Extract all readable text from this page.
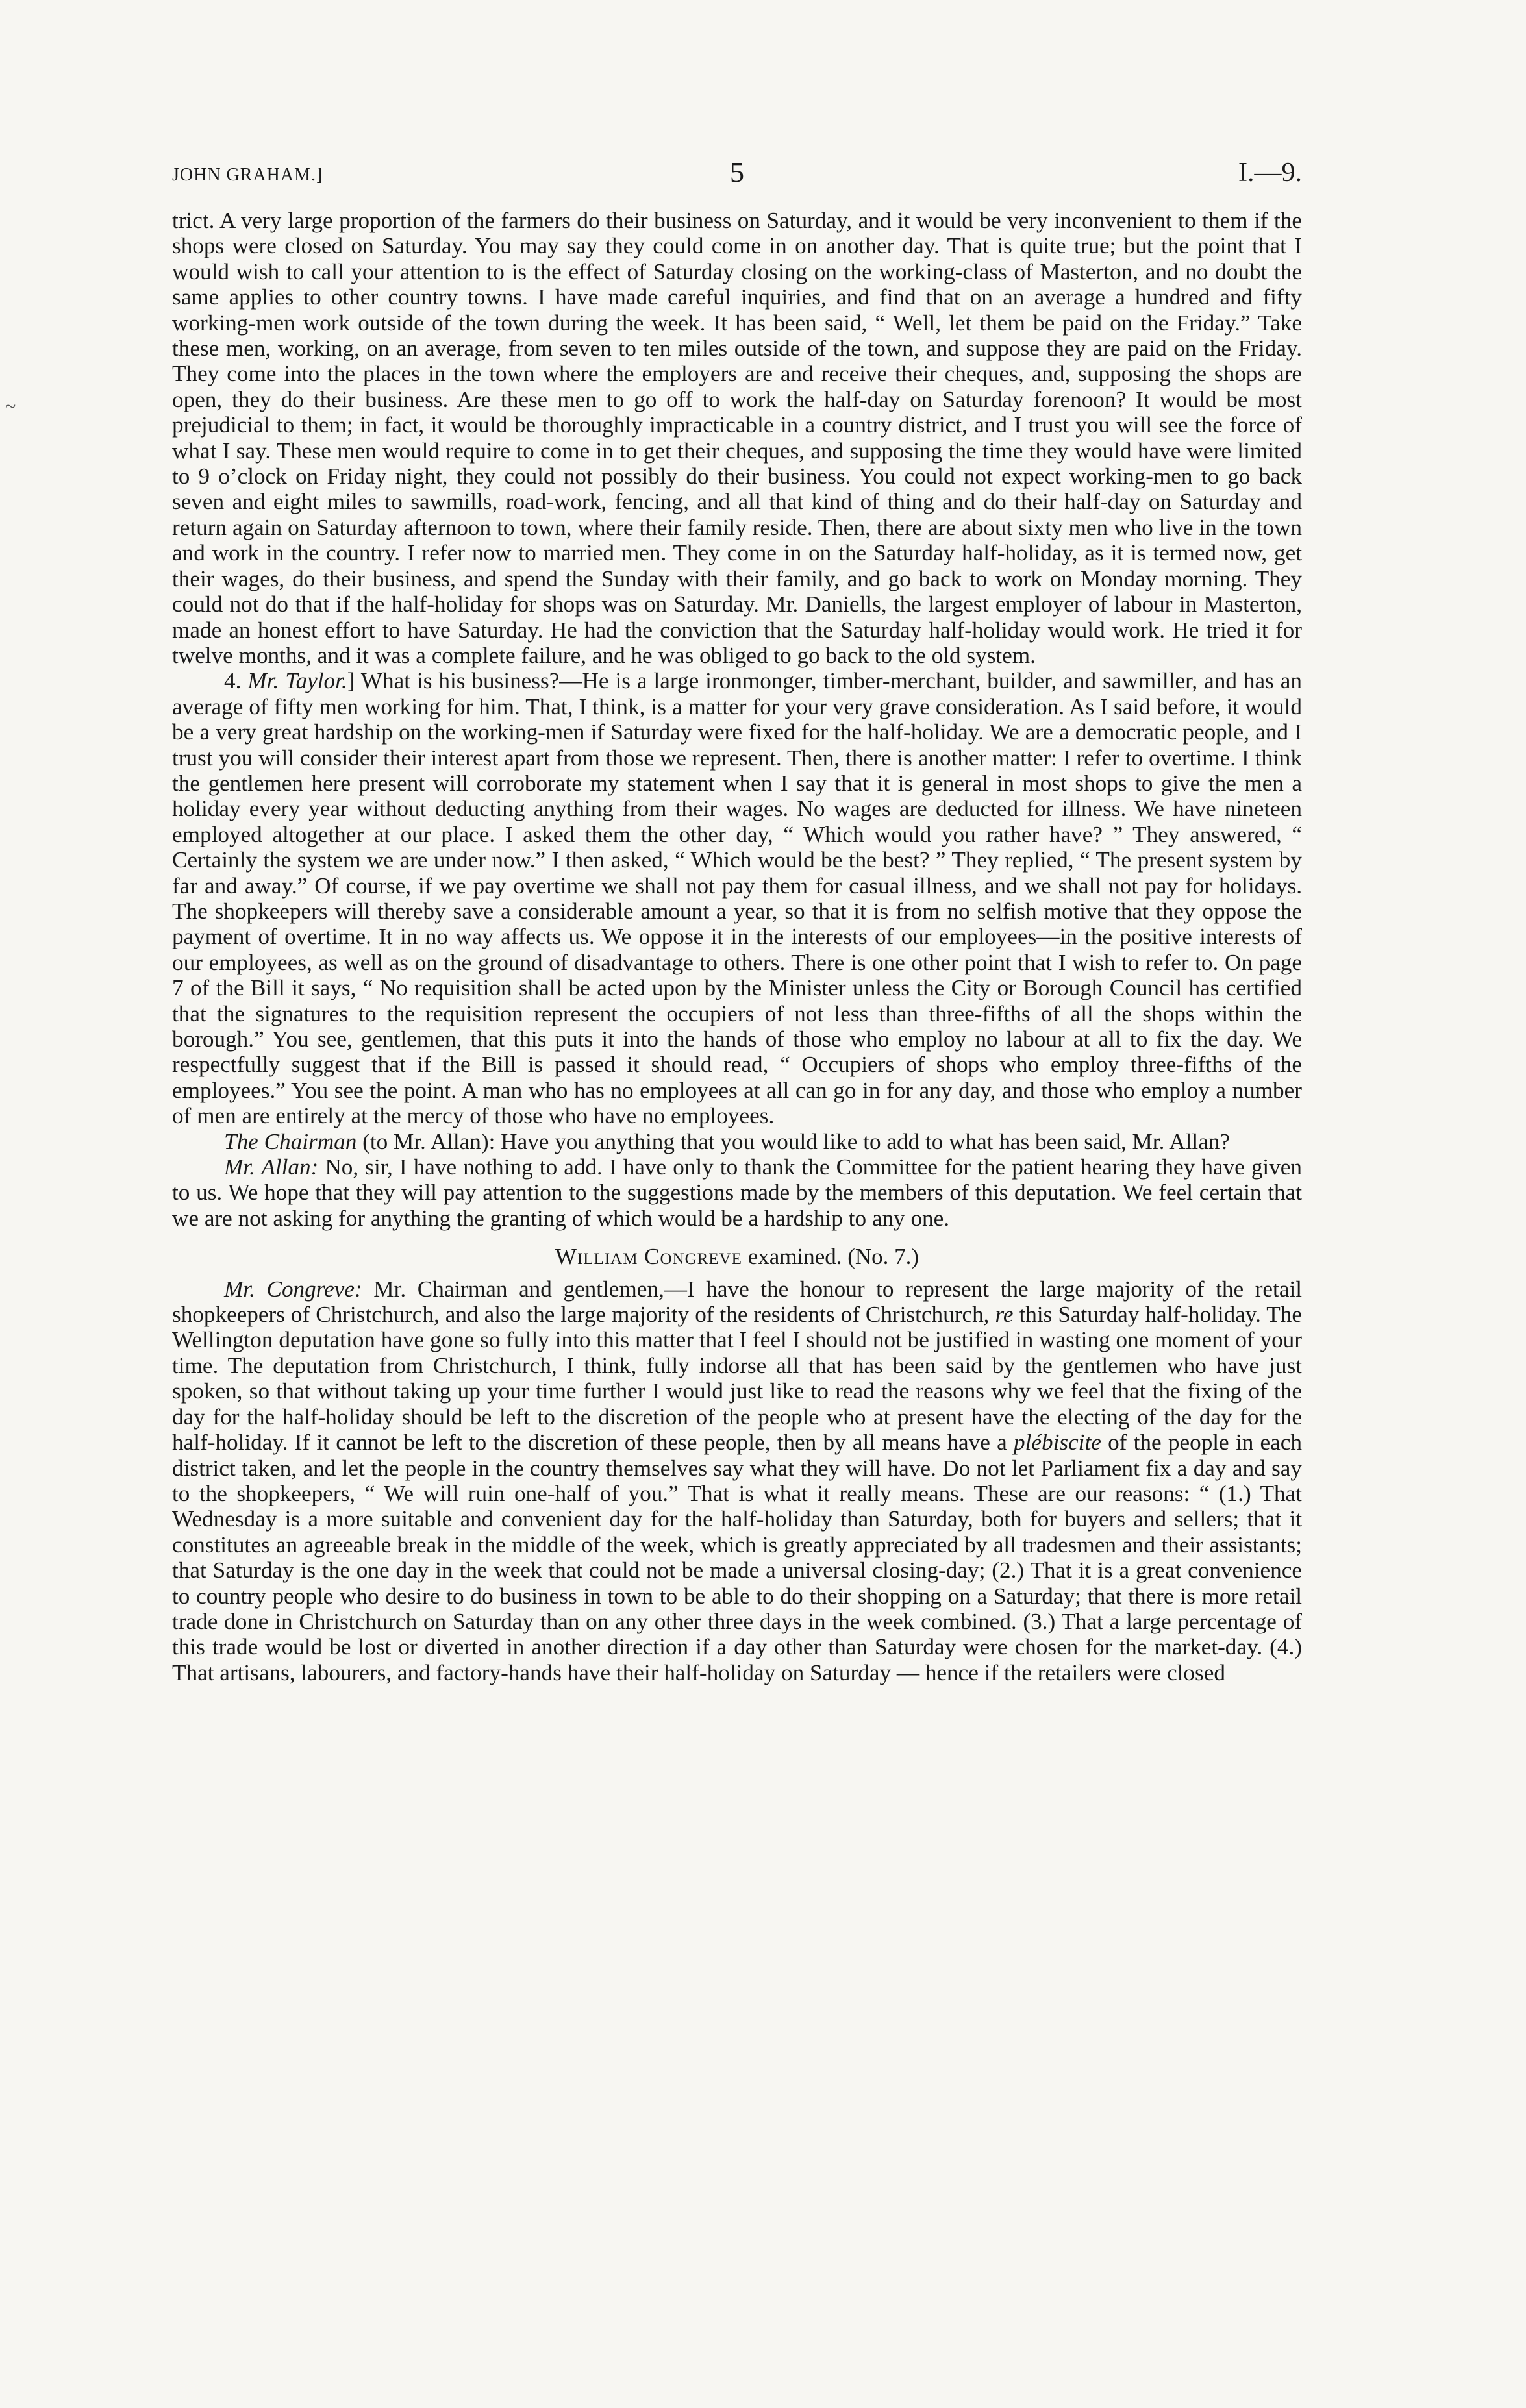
JOHN GRAHAM.]	5	I.—9.

trict. A very large proportion of the farmers do their business on Saturday, and it would be very inconvenient to them if the shops were closed on Saturday. You may say they could come in on another day. That is quite true; but the point that I would wish to call your attention to is the effect of Saturday closing on the working-class of Masterton, and no doubt the same applies to other country towns. I have made careful inquiries, and find that on an average a hundred and fifty working-men work outside of the town during the week. It has been said, “ Well, let them be paid on the Friday.” Take these men, working, on an average, from seven to ten miles outside of the town, and suppose they are paid on the Friday. They come into the places in the town where the employers are and receive their cheques, and, supposing the shops are open, they do their business. Are these men to go off to work the half-day on Saturday forenoon? It would be most prejudicial to them; in fact, it would be thoroughly impracticable in a country district, and I trust you will see the force of what I say. These men would require to come in to get their cheques, and supposing the time they would have were limited to 9 o’clock on Friday night, they could not possibly do their business. You could not expect working-men to go back seven and eight miles to sawmills, road-work, fencing, and all that kind of thing and do their half-day on Saturday and return again on Saturday afternoon to town, where their family reside. Then, there are about sixty men who live in the town and work in the country. I refer now to married men. They come in on the Saturday half-holiday, as it is termed now, get their wages, do their business, and spend the Sunday with their family, and go back to work on Monday morning. They could not do that if the half-holiday for shops was on Saturday. Mr. Daniells, the largest employer of labour in Masterton, made an honest effort to have Saturday. He had the conviction that the Saturday half-holiday would work. He tried it for twelve months, and it was a complete failure, and he was obliged to go back to the old system.

4. Mr. Taylor.] What is his business?—He is a large ironmonger, timber-merchant, builder, and sawmiller, and has an average of fifty men working for him. That, I think, is a matter for your very grave consideration. As I said before, it would be a very great hardship on the working-men if Saturday were fixed for the half-holiday. We are a democratic people, and I trust you will consider their interest apart from those we represent. Then, there is another matter: I refer to overtime. I think the gentlemen here present will corroborate my statement when I say that it is general in most shops to give the men a holiday every year without deducting anything from their wages. No wages are deducted for illness. We have nineteen employed altogether at our place. I asked them the other day, “ Which would you rather have? ” They answered, “ Certainly the system we are under now.” I then asked, “ Which would be the best? ” They replied, “ The present system by far and away.” Of course, if we pay overtime we shall not pay them for casual illness, and we shall not pay for holidays. The shopkeepers will thereby save a considerable amount a year, so that it is from no selfish motive that they oppose the payment of overtime. It in no way affects us. We oppose it in the interests of our employees—in the positive interests of our employees, as well as on the ground of disadvantage to others. There is one other point that I wish to refer to. On page 7 of the Bill it says, “ No requisition shall be acted upon by the Minister unless the City or Borough Council has certified that the signatures to the requisition represent the occupiers of not less than three-fifths of all the shops within the borough.” You see, gentlemen, that this puts it into the hands of those who employ no labour at all to fix the day. We respectfully suggest that if the Bill is passed it should read, “ Occupiers of shops who employ three-fifths of the employees.” You see the point. A man who has no employees at all can go in for any day, and those who employ a number of men are entirely at the mercy of those who have no employees.

The Chairman (to Mr. Allan): Have you anything that you would like to add to what has been said, Mr. Allan?

Mr. Allan: No, sir, I have nothing to add. I have only to thank the Committee for the patient hearing they have given to us. We hope that they will pay attention to the suggestions made by the members of this deputation. We feel certain that we are not asking for anything the granting of which would be a hardship to any one.

William Congreve examined. (No. 7.)

Mr. Congreve: Mr. Chairman and gentlemen,—I have the honour to represent the large majority of the retail shopkeepers of Christchurch, and also the large majority of the residents of Christchurch, re this Saturday half-holiday. The Wellington deputation have gone so fully into this matter that I feel I should not be justified in wasting one moment of your time. The deputation from Christchurch, I think, fully indorse all that has been said by the gentlemen who have just spoken, so that without taking up your time further I would just like to read the reasons why we feel that the fixing of the day for the half-holiday should be left to the discretion of the people who at present have the electing of the day for the half-holiday. If it cannot be left to the discretion of these people, then by all means have a plébiscite of the people in each district taken, and let the people in the country themselves say what they will have. Do not let Parliament fix a day and say to the shopkeepers, “ We will ruin one-half of you.” That is what it really means. These are our reasons: “ (1.) That Wednesday is a more suitable and convenient day for the half-holiday than Saturday, both for buyers and sellers; that it constitutes an agreeable break in the middle of the week, which is greatly appreciated by all tradesmen and their assistants; that Saturday is the one day in the week that could not be made a universal closing-day; (2.) That it is a great convenience to country people who desire to do business in town to be able to do their shopping on a Saturday; that there is more retail trade done in Christchurch on Saturday than on any other three days in the week combined. (3.) That a large percentage of this trade would be lost or diverted in another direction if a day other than Saturday were chosen for the market-day. (4.) That artisans, labourers, and factory-hands have their half-holiday on Saturday — hence if the retailers were closed

~
